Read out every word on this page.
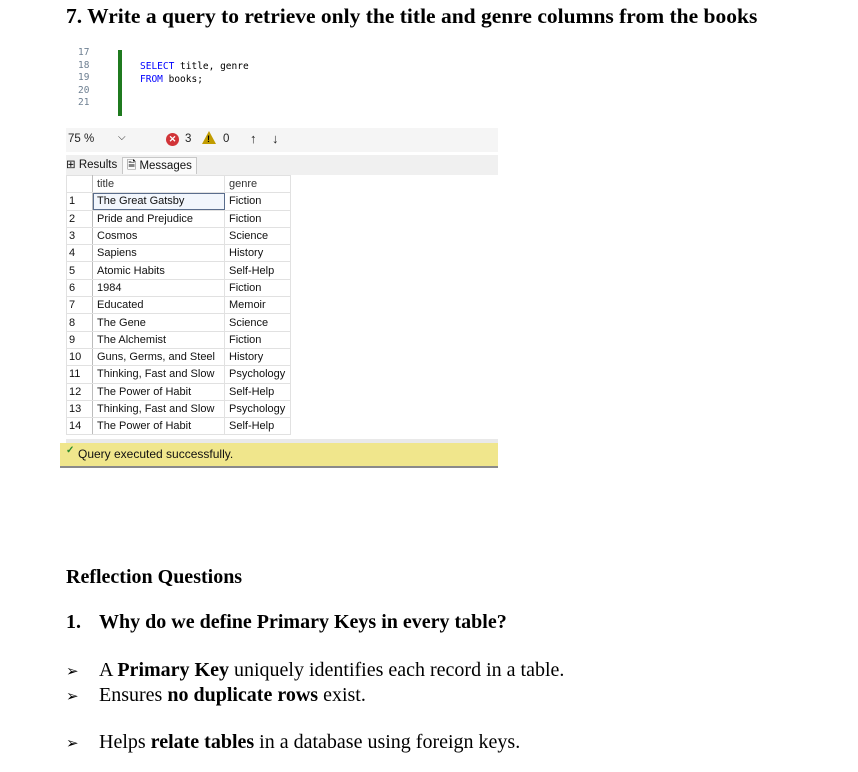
7. Write a query to retrieve only the title and genre columns from the books
17
18
19
20
21
SELECT title, genre
FROM books;
75 % ⌵	✕ 3 ! 0 ↑ ↓
⊞ Results 🗎 Messages
	title	genre
1	The Great Gatsby	Fiction
2	Pride and Prejudice	Fiction
3	Cosmos	Science
4	Sapiens	History
5	Atomic Habits	Self-Help
6	1984	Fiction
7	Educated	Memoir
8	The Gene	Science
9	The Alchemist	Fiction
10	Guns, Germs, and Steel	History
11	Thinking, Fast and Slow	Psychology
12	The Power of Habit	Self-Help
13	Thinking, Fast and Slow	Psychology
14	The Power of Habit	Self-Help
✓ Query executed successfully.
Reflection Questions
1. Why do we define Primary Keys in every table?
➢ A Primary Key uniquely identifies each record in a table.
➢ Ensures no duplicate rows exist.
➢ Helps relate tables in a database using foreign keys.
